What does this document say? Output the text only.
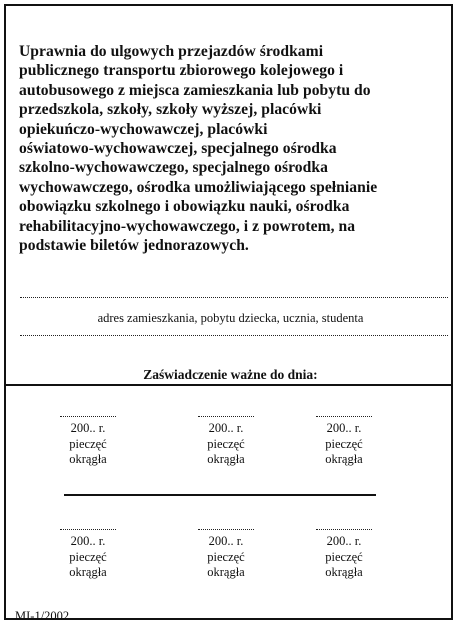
Uprawnia do ulgowych przejazdów środkami
publicznego transportu zbiorowego kolejowego i
autobusowego z miejsca zamieszkania lub pobytu do
przedszkola, szkoły, szkoły wyższej, placówki
opiekuńczo-wychowawczej, placówki
oświatowo-wychowawczej, specjalnego ośrodka
szkolno-wychowawczego, specjalnego ośrodka
wychowawczego, ośrodka umożliwiającego spełnianie
obowiązku szkolnego i obowiązku nauki, ośrodka
rehabilitacyjno-wychowawczego, i z powrotem, na
podstawie biletów jednorazowych.
adres zamieszkania, pobytu dziecka, ucznia, studenta
Zaświadczenie ważne do dnia:
200.. r.
pieczęć
okrągła
200.. r.
pieczęć
okrągła
200.. r.
pieczęć
okrągła
200.. r.
pieczęć
okrągła
200.. r.
pieczęć
okrągła
200.. r.
pieczęć
okrągła
MI-1/2002
